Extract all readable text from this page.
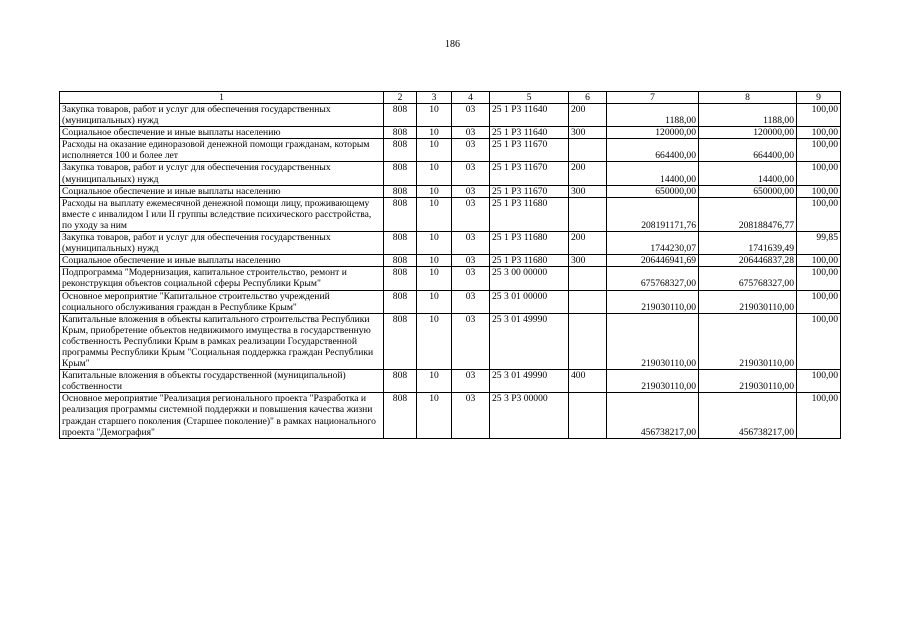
186
1	2	3	4	5	6	7	8	9
Закупка товаров, работ и услуг для обеспечения государственных (муниципальных) нужд	808	10	03	25 1 P3 11640	200	1188,00	1188,00	100,00
Социальное обеспечение и иные выплаты населению	808	10	03	25 1 P3 11640	300	120000,00	120000,00	100,00
Расходы на оказание единоразовой денежной помощи гражданам, которым исполняется 100 и более лет	808	10	03	25 1 P3 11670		664400,00	664400,00	100,00
Закупка товаров, работ и услуг для обеспечения государственных (муниципальных) нужд	808	10	03	25 1 P3 11670	200	14400,00	14400,00	100,00
Социальное обеспечение и иные выплаты населению	808	10	03	25 1 P3 11670	300	650000,00	650000,00	100,00
Расходы на выплату ежемесячной денежной помощи лицу, проживающему вместе с инвалидом I или II группы вследствие психического расстройства, по уходу за ним	808	10	03	25 1 P3 11680		208191171,76	208188476,77	100,00
Закупка товаров, работ и услуг для обеспечения государственных (муниципальных) нужд	808	10	03	25 1 P3 11680	200	1744230,07	1741639,49	99,85
Социальное обеспечение и иные выплаты населению	808	10	03	25 1 P3 11680	300	206446941,69	206446837,28	100,00
Подпрограмма "Модернизация, капитальное строительство, ремонт и реконструкция объектов социальной сферы Республики Крым"	808	10	03	25 3 00 00000		675768327,00	675768327,00	100,00
Основное мероприятие "Капитальное строительство учреждений социального обслуживания граждан в Республике Крым"	808	10	03	25 3 01 00000		219030110,00	219030110,00	100,00
Капитальные вложения в объекты капитального строительства Республики Крым, приобретение объектов недвижимого имущества в государственную собственность Республики Крым в рамках реализации Государственной программы Республики Крым "Социальная поддержка граждан Республики Крым"	808	10	03	25 3 01 49990		219030110,00	219030110,00	100,00
Капитальные вложения в объекты государственной (муниципальной) собственности	808	10	03	25 3 01 49990	400	219030110,00	219030110,00	100,00
Основное мероприятие "Реализация регионального проекта "Разработка и реализация программы системной поддержки и повышения качества жизни граждан старшего поколения (Старшее поколение)" в рамках национального проекта "Демография"	808	10	03	25 3 P3 00000		456738217,00	456738217,00	100,00
